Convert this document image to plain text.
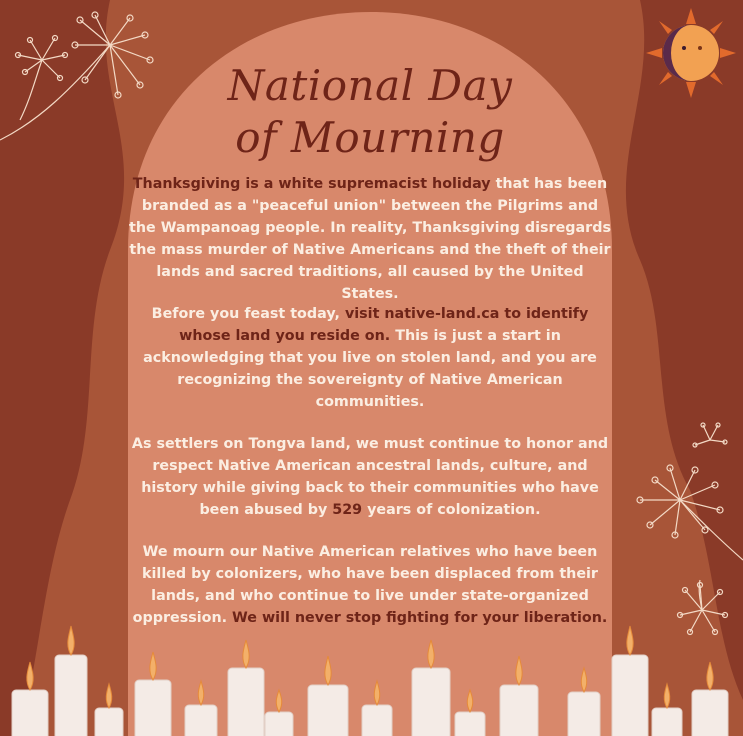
National Day
of Mourning
Thanksgiving is a white supremacist holiday that has been branded as a "peaceful union" between the Pilgrims and the Wampanoag people. In reality, Thanksgiving disregards the mass murder of Native Americans and the theft of their lands and sacred traditions, all caused by the United States.
Before you feast today, visit native-land.ca to identify whose land you reside on. This is just a start in acknowledging that you live on stolen land, and you are recognizing the sovereignty of Native American communities.
As settlers on Tongva land, we must continue to honor and respect Native American ancestral lands, culture, and history while giving back to their communities who have been abused by 529 years of colonization.
We mourn our Native American relatives who have been killed by colonizers, who have been displaced from their lands, and who continue to live under state-organized oppression. We will never stop fighting for your liberation.
